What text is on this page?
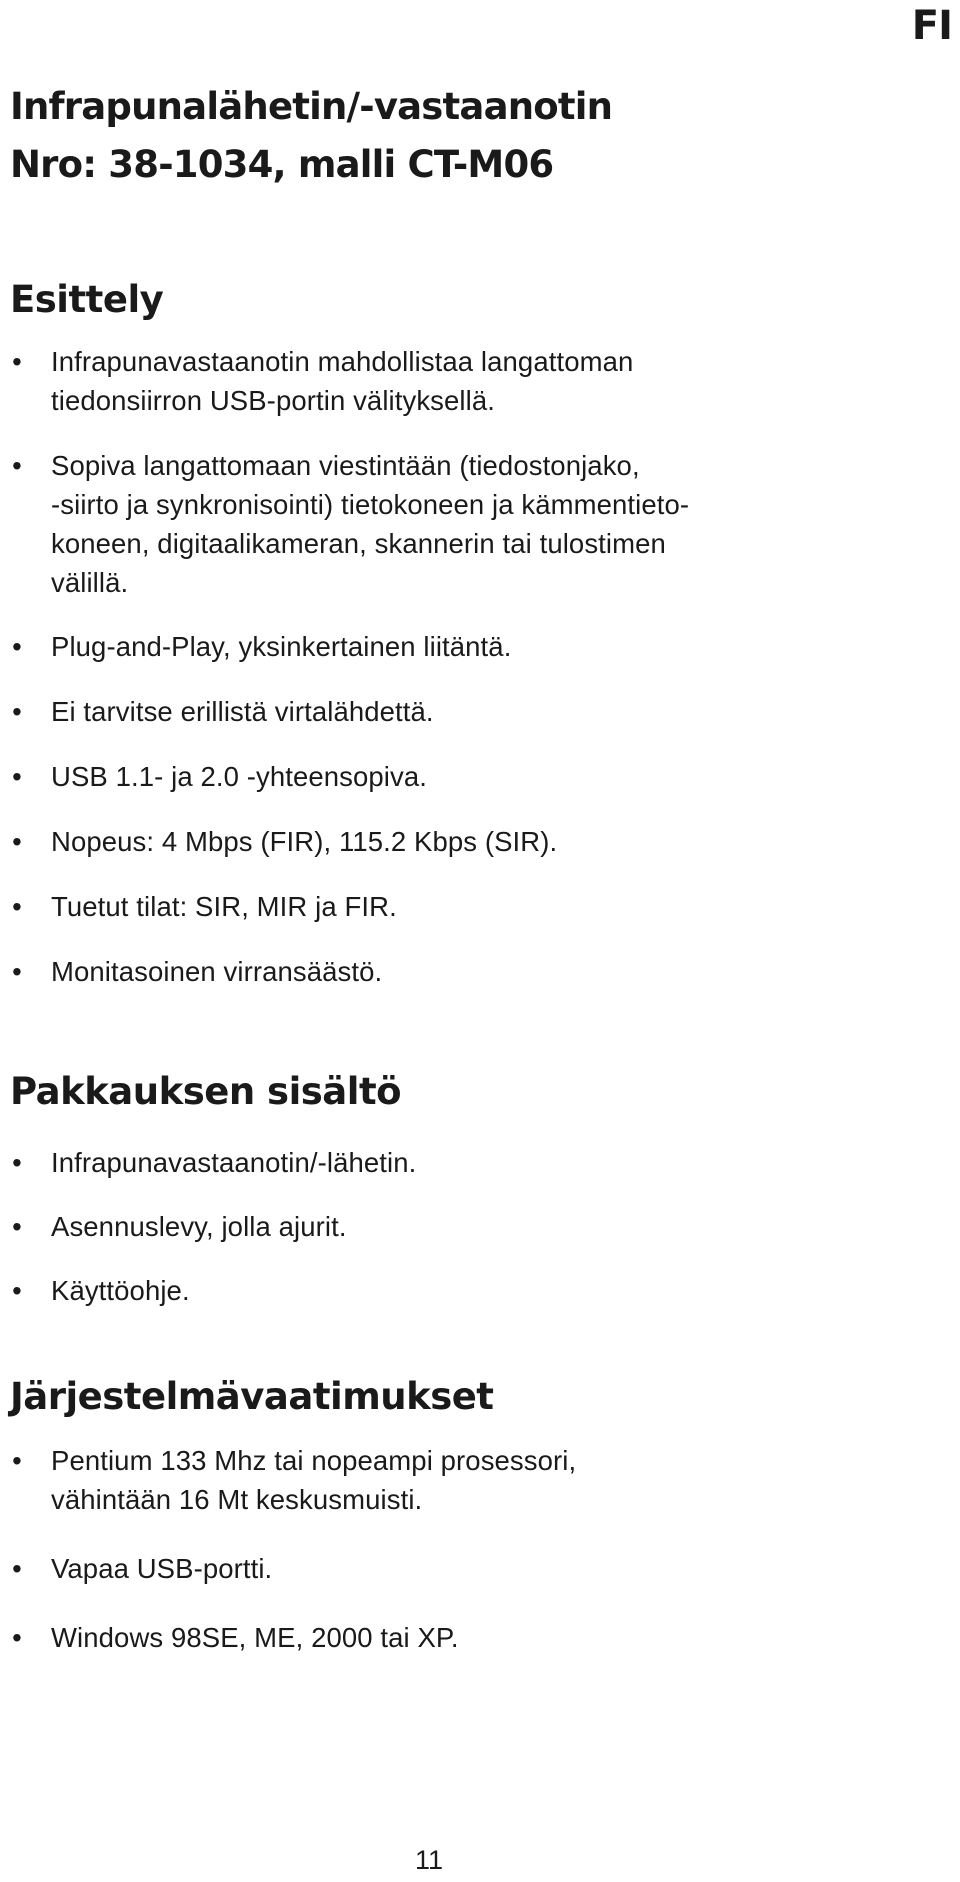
FI
Infrapunalähetin/-vastaanotin
Nro: 38-1034, malli CT-M06
Esittely
• Infrapunavastaanotin mahdollistaa langattoman
tiedonsiirron USB-portin välityksellä.
• Sopiva langattomaan viestintään (tiedostonjako,
-siirto ja synkronisointi) tietokoneen ja kämmentieto-
koneen, digitaalikameran, skannerin tai tulostimen
välillä.
• Plug-and-Play, yksinkertainen liitäntä.
• Ei tarvitse erillistä virtalähdettä.
• USB 1.1- ja 2.0 -yhteensopiva.
• Nopeus: 4 Mbps (FIR), 115.2 Kbps (SIR).
• Tuetut tilat: SIR, MIR ja FIR.
• Monitasoinen virransäästö.
Pakkauksen sisältö
• Infrapunavastaanotin/-lähetin.
• Asennuslevy, jolla ajurit.
• Käyttöohje.
Järjestelmävaatimukset
• Pentium 133 Mhz tai nopeampi prosessori,
vähintään 16 Mt keskusmuisti.
• Vapaa USB-portti.
• Windows 98SE, ME, 2000 tai XP.
11
